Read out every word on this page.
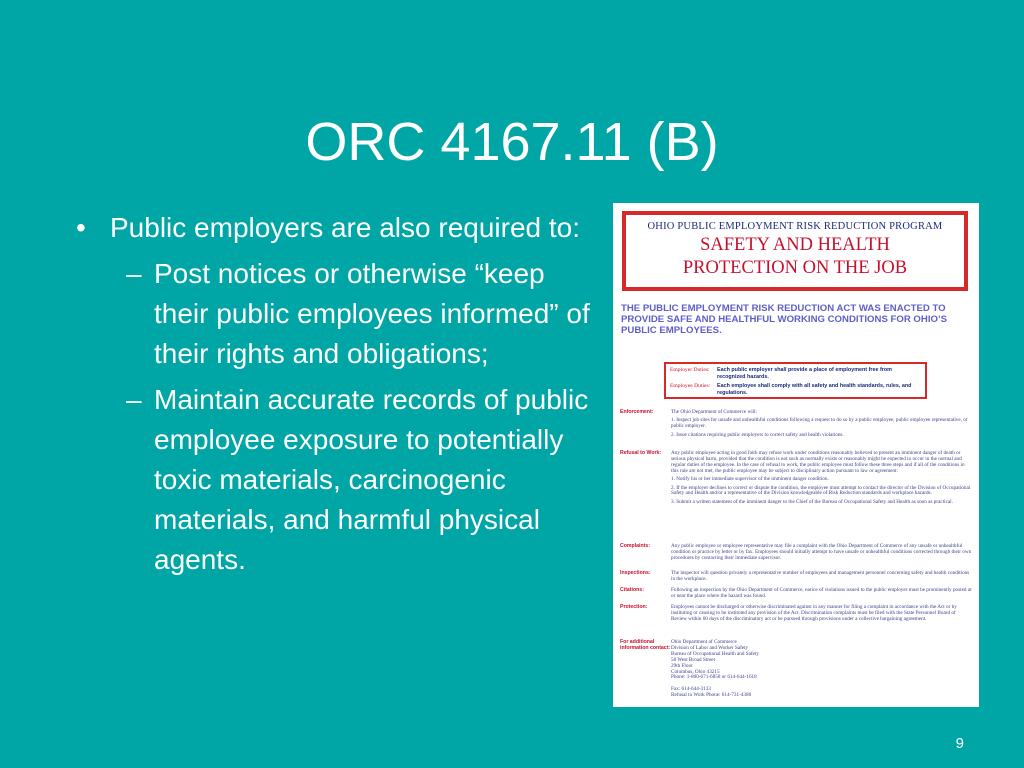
ORC 4167.11 (B)
• Public employers are also required to:
– Post notices or otherwise “keep their public employees informed” of their rights and obligations;
– Maintain accurate records of public employee exposure to potentially toxic materials, carcinogenic materials, and harmful physical agents.
OHIO PUBLIC EMPLOYMENT RISK REDUCTION PROGRAM
SAFETY AND HEALTH
PROTECTION ON THE JOB
THE PUBLIC EMPLOYMENT RISK REDUCTION ACT WAS ENACTED TO PROVIDE SAFE AND HEALTHFUL WORKING CONDITIONS FOR OHIO’S PUBLIC EMPLOYEES.
Employer Duties:	Each public employer shall provide a place of employment free from recognized hazards.
Employee Duties:	Each employee shall comply with all safety and health standards, rules, and regulations.
Enforcement:	The Ohio Department of Commerce will:

1. Inspect job sites for unsafe and unhealthful conditions following a request to do so by a public employee, public employee representative, or public employer.

2. Issue citations requiring public employers to correct safety and health violations.

Refusal to Work:	Any public employee acting in good faith may refuse work under conditions reasonably believed to present an imminent danger of death or serious physical harm, provided that the condition is not such as normally exists or reasonably might be expected to occur in the normal and regular duties of the employee. In the case of refusal to work, the public employee must follow these three steps and if all of the conditions in this rule are not met, the public employee may be subject to disciplinary action pursuant to law or agreement:

1. Notify his or her immediate supervisor of the imminent danger condition.

2. If the employer declines to correct or dispute the condition, the employee must attempt to contact the director of the Division of Occupational Safety and Health and/or a representative of the Division knowledgeable of Risk Reduction standards and workplace hazards.

3. Submit a written statement of the imminent danger to the Chief of the Bureau of Occupational Safety and Health as soon as practical.

Complaints:	Any public employee or employee representative may file a complaint with the Ohio Department of Commerce of any unsafe or unhealthful condition or practice by letter or by fax. Employees should initially attempt to have unsafe or unhealthful conditions corrected through their own procedures by contacting their immediate supervisor.
Inspections:	The inspector will question privately a representative number of employees and management personnel concerning safety and health conditions in the workplace.
Citations:	Following an inspection by the Ohio Department of Commerce, notice of violations issued to the public employer must be prominently posted at or near the place where the hazard was found.
Protection:	Employees cannot be discharged or otherwise discriminated against in any manner for filing a complaint in accordance with the Act or by instituting or causing to be instituted any provision of the Act. Discrimination complaints must be filed with the State Personnel Board of Review within 60 days of the discriminatory act or be pursued through provisions under a collective bargaining agreement.
For additional information contact:
Ohio Department of Commerce
Division of Labor and Worker Safety
Bureau of Occupational Health and Safety
50 West Broad Street
29th Floor
Columbus, Ohio 43215
Phone: 1-800-671-6858 or 614-644-1618

Fax: 614-644-3133
Refusal to Work Phone: 614-731-4380
9
